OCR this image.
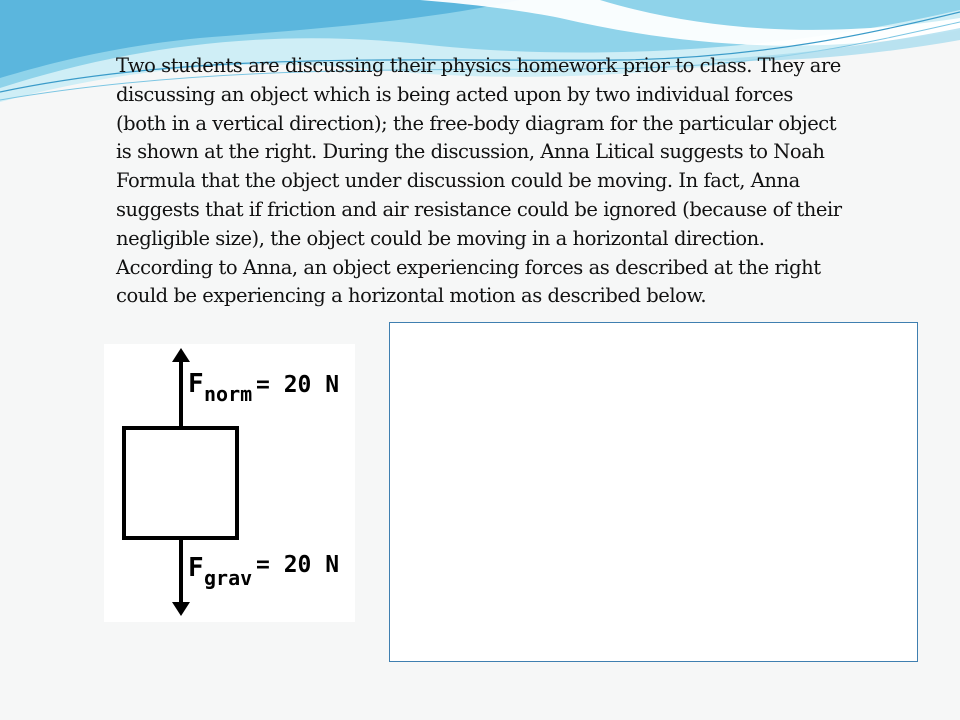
Two students are discussing their physics homework prior to class. They are
discussing an object which is being acted upon by two individual forces
(both in a vertical direction); the free-body diagram for the particular object
is shown at the right. During the discussion, Anna Litical suggests to Noah
Formula that the object under discussion could be moving. In fact, Anna
suggests that if friction and air resistance could be ignored (because of their
negligible size), the object could be moving in a horizontal direction.
According to Anna, an object experiencing forces as described at the right
could be experiencing a horizontal motion as described below.
F norm = 20 N
F grav = 20 N
